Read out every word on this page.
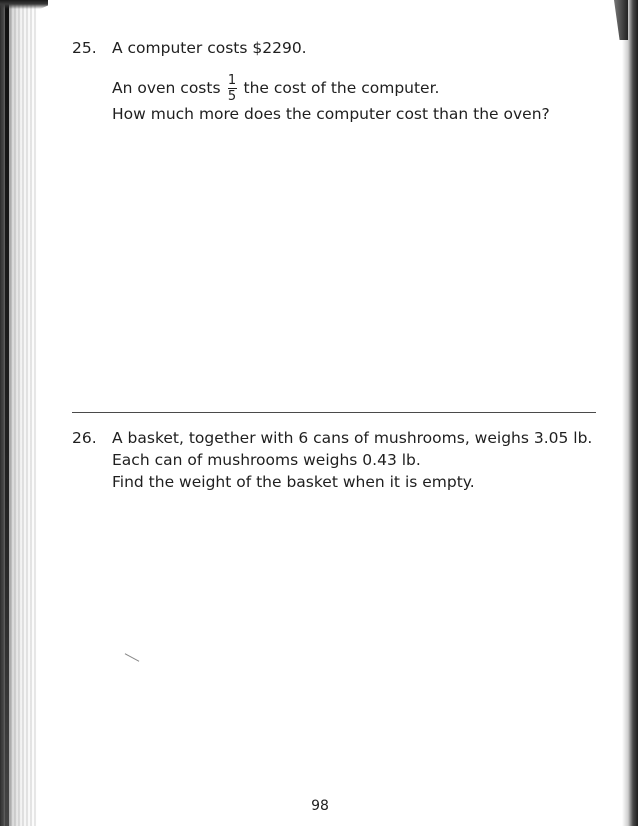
25. A computer costs $2290.
An oven costs $\frac{1}{5}$ the cost of the computer.
How much more does the computer cost than the oven?
26. A basket, together with 6 cans of mushrooms, weighs 3.05 lb.
Each can of mushrooms weighs 0.43 lb.
Find the weight of the basket when it is empty.
98
